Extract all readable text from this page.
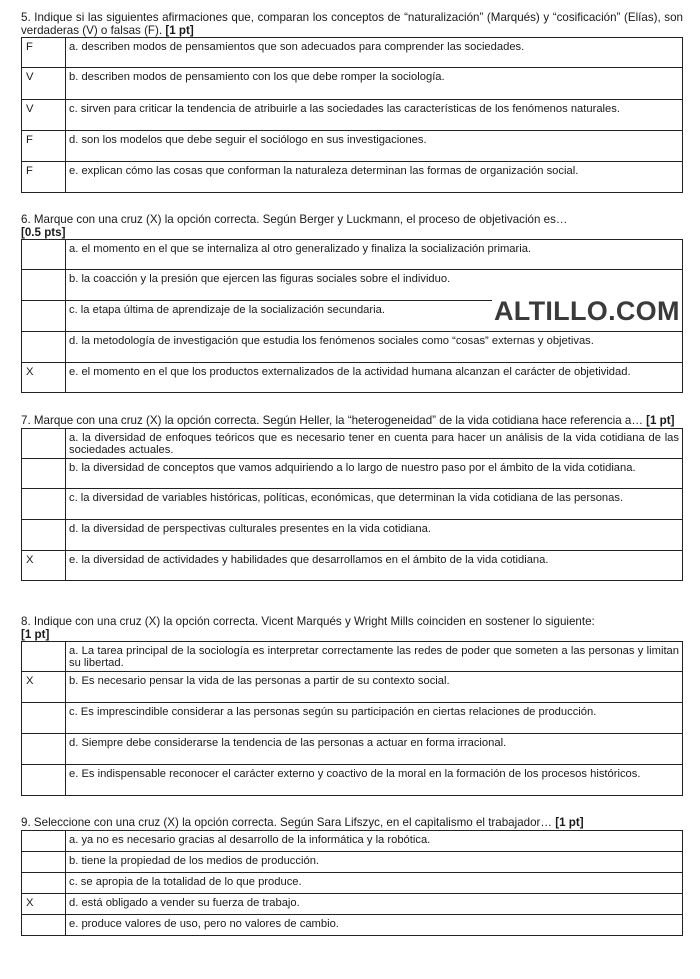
5. Indique si las siguientes afirmaciones que, comparan los conceptos de “naturalización” (Marqués) y “cosificación” (Elías), son verdaderas (V) o falsas (F). [1 pt]

F	a. describen modos de pensamientos que son adecuados para comprender las sociedades.
V	b. describen modos de pensamiento con los que debe romper la sociología.
V	c. sirven para criticar la tendencia de atribuirle a las sociedades las características de los fenómenos naturales.
F	d. son los modelos que debe seguir el sociólogo en sus investigaciones.
F	e. explican cómo las cosas que conforman la naturaleza determinan las formas de organización social.

6. Marque con una cruz (X) la opción correcta. Según Berger y Luckmann, el proceso de objetivación es…
[0.5 pts]

	a. el momento en el que se internaliza al otro generalizado y finaliza la socialización primaria.
	b. la coacción y la presión que ejercen las figuras sociales sobre el individuo.
	c. la etapa última de aprendizaje de la socialización secundaria.
	d. la metodología de investigación que estudia los fenómenos sociales como “cosas” externas y objetivas.
X	e. el momento en el que los productos externalizados de la actividad humana alcanzan el carácter de objetividad.
ALTILLO.COM

7. Marque con una cruz (X) la opción correcta. Según Heller, la “heterogeneidad” de la vida cotidiana hace referencia a… [1 pt]

	a. la diversidad de enfoques teóricos que es necesario tener en cuenta para hacer un análisis de la vida cotidiana de las sociedades actuales.
	b. la diversidad de conceptos que vamos adquiriendo a lo largo de nuestro paso por el ámbito de la vida cotidiana.
	c. la diversidad de variables históricas, políticas, económicas, que determinan la vida cotidiana de las personas.
	d. la diversidad de perspectivas culturales presentes en la vida cotidiana.
X	e. la diversidad de actividades y habilidades que desarrollamos en el ámbito de la vida cotidiana.

8. Indique con una cruz (X) la opción correcta. Vicent Marqués y Wright Mills coinciden en sostener lo siguiente:
[1 pt]

	a. La tarea principal de la sociología es interpretar correctamente las redes de poder que someten a las personas y limitan su libertad.
X	b. Es necesario pensar la vida de las personas a partir de su contexto social.
	c. Es imprescindible considerar a las personas según su participación en ciertas relaciones de producción.
	d. Siempre debe considerarse la tendencia de las personas a actuar en forma irracional.
	e. Es indispensable reconocer el carácter externo y coactivo de la moral en la formación de los procesos históricos.

9. Seleccione con una cruz (X) la opción correcta. Según Sara Lifszyc, en el capitalismo el trabajador… [1 pt]

	a. ya no es necesario gracias al desarrollo de la informática y la robótica.
	b. tiene la propiedad de los medios de producción.
	c. se apropia de la totalidad de lo que produce.
X	d. está obligado a vender su fuerza de trabajo.
	e. produce valores de uso, pero no valores de cambio.
